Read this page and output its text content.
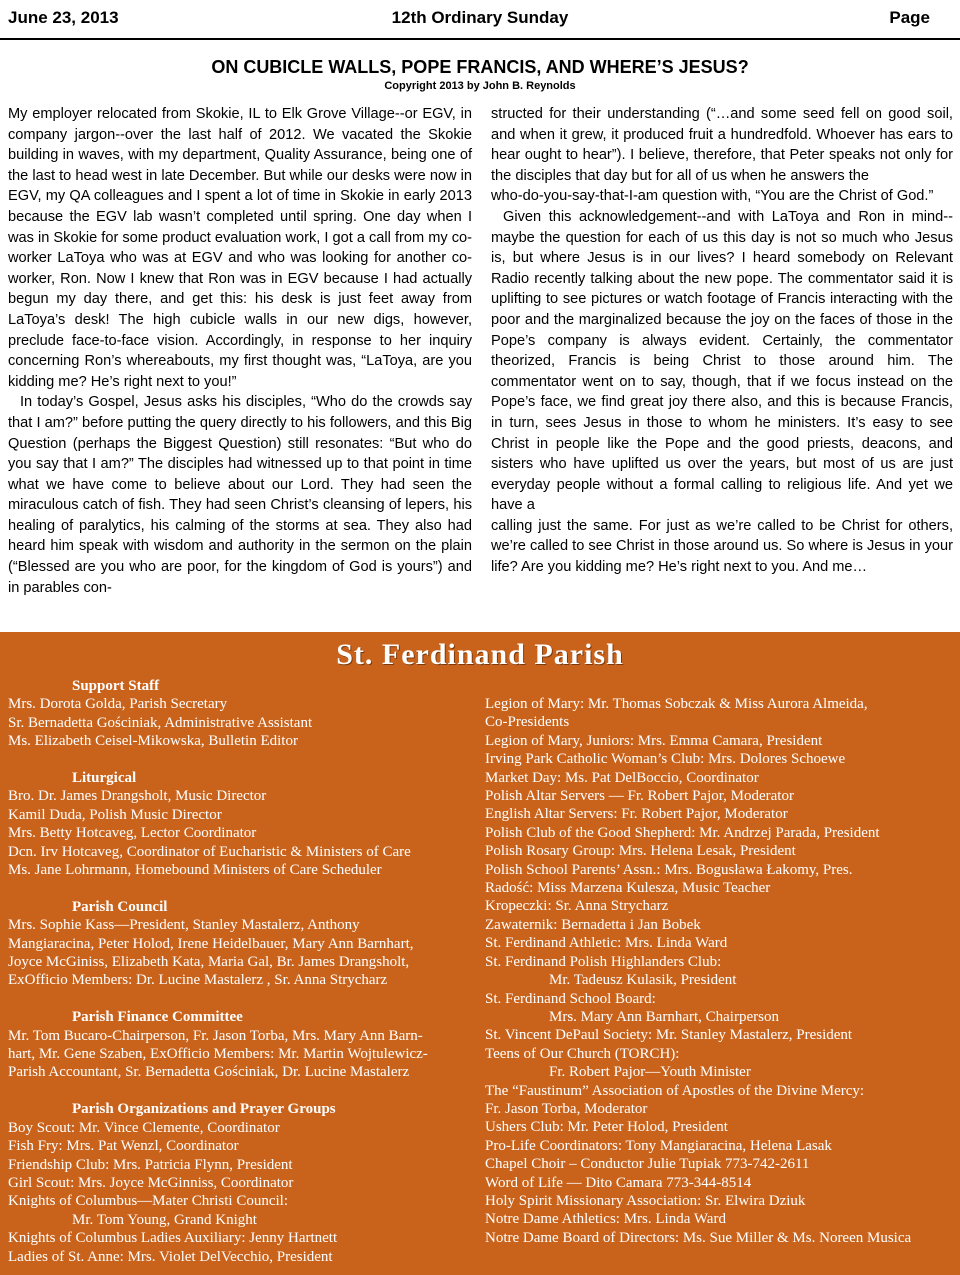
June 23, 2013	12th Ordinary Sunday	Page
ON CUBICLE WALLS, POPE FRANCIS, AND WHERE’S JESUS?
Copyright 2013 by John B. Reynolds

My employer relocated from Skokie, IL to Elk Grove Village--or EGV, in company jargon--over the last half of 2012. We vacated the Skokie building in waves, with my department, Quality Assurance, being one of the last to head west in late December. But while our desks were now in EGV, my QA colleagues and I spent a lot of time in Skokie in early 2013 because the EGV lab wasn’t completed until spring. One day when I was in Skokie for some product evaluation work, I got a call from my co-worker LaToya who was at EGV and who was looking for another co-worker, Ron. Now I knew that Ron was in EGV because I had actually begun my day there, and get this: his desk is just feet away from LaToya’s desk! The high cubicle walls in our new digs, however, preclude face-to-face vision. Accordingly, in response to her inquiry concerning Ron’s whereabouts, my first thought was, “LaToya, are you kidding me? He’s right next to you!”

In today’s Gospel, Jesus asks his disciples, “Who do the crowds say that I am?” before putting the query directly to his followers, and this Big Question (perhaps the Biggest Question) still resonates: “But who do you say that I am?” The disciples had witnessed up to that point in time what we have come to believe about our Lord. They had seen the miraculous catch of fish. They had seen Christ’s cleansing of lepers, his healing of paralytics, his calming of the storms at sea. They also had heard him speak with wisdom and authority in the sermon on the plain (“Blessed are you who are poor, for the kingdom of God is yours”) and in parables con-

structed for their understanding (“…and some seed fell on good soil, and when it grew, it produced fruit a hundredfold. Whoever has ears to hear ought to hear”). I believe, therefore, that Peter speaks not only for the disciples that day but for all of us when he answers the

who-do-you-say-that-I-am question with, “You are the Christ of God.”

Given this acknowledgement--and with LaToya and Ron in mind--maybe the question for each of us this day is not so much who Jesus is, but where Jesus is in our lives? I heard somebody on Relevant Radio recently talking about the new pope. The commentator said it is uplifting to see pictures or watch footage of Francis interacting with the poor and the marginalized because the joy on the faces of those in the Pope’s company is always evident. Certainly, the commentator theorized, Francis is being Christ to those around him. The commentator went on to say, though, that if we focus instead on the Pope’s face, we find great joy there also, and this is because Francis, in turn, sees Jesus in those to whom he ministers. It’s easy to see Christ in people like the Pope and the good priests, deacons, and sisters who have uplifted us over the years, but most of us are just everyday people without a formal calling to religious life. And yet we have a

calling just the same. For just as we’re called to be Christ for others, we’re called to see Christ in those around us. So where is Jesus in your life? Are you kidding me? He’s right next to you. And me…

St. Ferdinand Parish
Support Staff
Mrs. Dorota Golda, Parish Secretary
Sr. Bernadetta Gościniak, Administrative Assistant
Ms. Elizabeth Ceisel-Mikowska, Bulletin Editor
Liturgical
Bro. Dr. James Drangsholt, Music Director
Kamil Duda, Polish Music Director
Mrs. Betty Hotcaveg, Lector Coordinator
Dcn. Irv Hotcaveg, Coordinator of Eucharistic & Ministers of Care
Ms. Jane Lohrmann, Homebound Ministers of Care Scheduler
Parish Council
Mrs. Sophie Kass—President, Stanley Mastalerz, Anthony
Mangiaracina, Peter Holod, Irene Heidelbauer, Mary Ann Barnhart,
Joyce McGiniss, Elizabeth Kata, Maria Gal, Br. James Drangsholt,
ExOfficio Members: Dr. Lucine Mastalerz , Sr. Anna Strycharz
Parish Finance Committee
Mr. Tom Bucaro-Chairperson, Fr. Jason Torba, Mrs. Mary Ann Barn-
hart, Mr. Gene Szaben, ExOfficio Members: Mr. Martin Wojtulewicz-
Parish Accountant, Sr. Bernadetta Gościniak, Dr. Lucine Mastalerz
Parish Organizations and Prayer Groups
Boy Scout: Mr. Vince Clemente, Coordinator
Fish Fry: Mrs. Pat Wenzl, Coordinator
Friendship Club: Mrs. Patricia Flynn, President
Girl Scout: Mrs. Joyce McGinniss, Coordinator
Knights of Columbus—Mater Christi Council:
Mr. Tom Young, Grand Knight
Knights of Columbus Ladies Auxiliary: Jenny Hartnett
Ladies of St. Anne: Mrs. Violet DelVecchio, President
Legion of Mary: Mr. Thomas Sobczak & Miss Aurora Almeida,
Co-Presidents
Legion of Mary, Juniors: Mrs. Emma Camara, President
Irving Park Catholic Woman’s Club: Mrs. Dolores Schoewe
Market Day: Ms. Pat DelBoccio, Coordinator
Polish Altar Servers — Fr. Robert Pajor, Moderator
English Altar Servers: Fr. Robert Pajor, Moderator
Polish Club of the Good Shepherd: Mr. Andrzej Parada, President
Polish Rosary Group: Mrs. Helena Lesak, President
Polish School Parents’ Assn.: Mrs. Bogusława Łakomy, Pres.
Radość: Miss Marzena Kulesza, Music Teacher
Kropeczki: Sr. Anna Strycharz
Zawaternik: Bernadetta i Jan Bobek
St. Ferdinand Athletic: Mrs. Linda Ward
St. Ferdinand Polish Highlanders Club:
Mr. Tadeusz Kulasik, President
St. Ferdinand School Board:
Mrs. Mary Ann Barnhart, Chairperson
St. Vincent DePaul Society: Mr. Stanley Mastalerz, President
Teens of Our Church (TORCH):
Fr. Robert Pajor—Youth Minister
The “Faustinum” Association of Apostles of the Divine Mercy:
Fr. Jason Torba, Moderator
Ushers Club: Mr. Peter Holod, President
Pro-Life Coordinators: Tony Mangiaracina, Helena Lasak
Chapel Choir – Conductor Julie Tupiak 773-742-2611
Word of Life — Dito Camara 773-344-8514
Holy Spirit Missionary Association: Sr. Elwira Dziuk
Notre Dame Athletics: Mrs. Linda Ward
Notre Dame Board of Directors: Ms. Sue Miller & Ms. Noreen Musica
